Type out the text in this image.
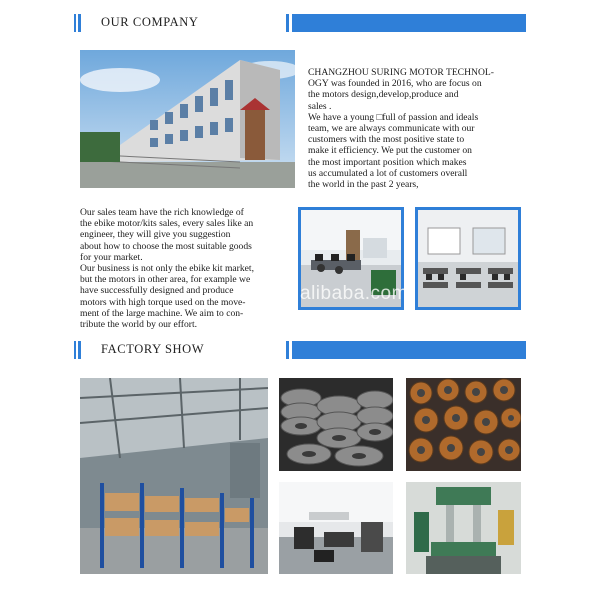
OUR COMPANY

CHANGZHOU SURING MOTOR TECHNOL-

OGY was founded in 2016, who are focus on

the motors design,develop,produce and

sales .

We have a young □full of passion and ideals

team, we are always communicate with our

customers with the most positive state to

make it efficiency. We put the customer on

the most important position which makes

us accumulated a lot of customers overall

the world in the past 2 years,

Our sales team have the rich knowledge of

the ebike motor/kits sales, every sales like an

engineer, they will give you suggestion

about how to choose the most suitable goods

for your market.

Our business is not only the ebike kit market,

but the motors in other area, for example we

have successfully designed and produce

motors with high torque used on the move-

ment of the large machine. We aim to con-

tribute the world by our effort.

alibaba.com
FACTORY SHOW
